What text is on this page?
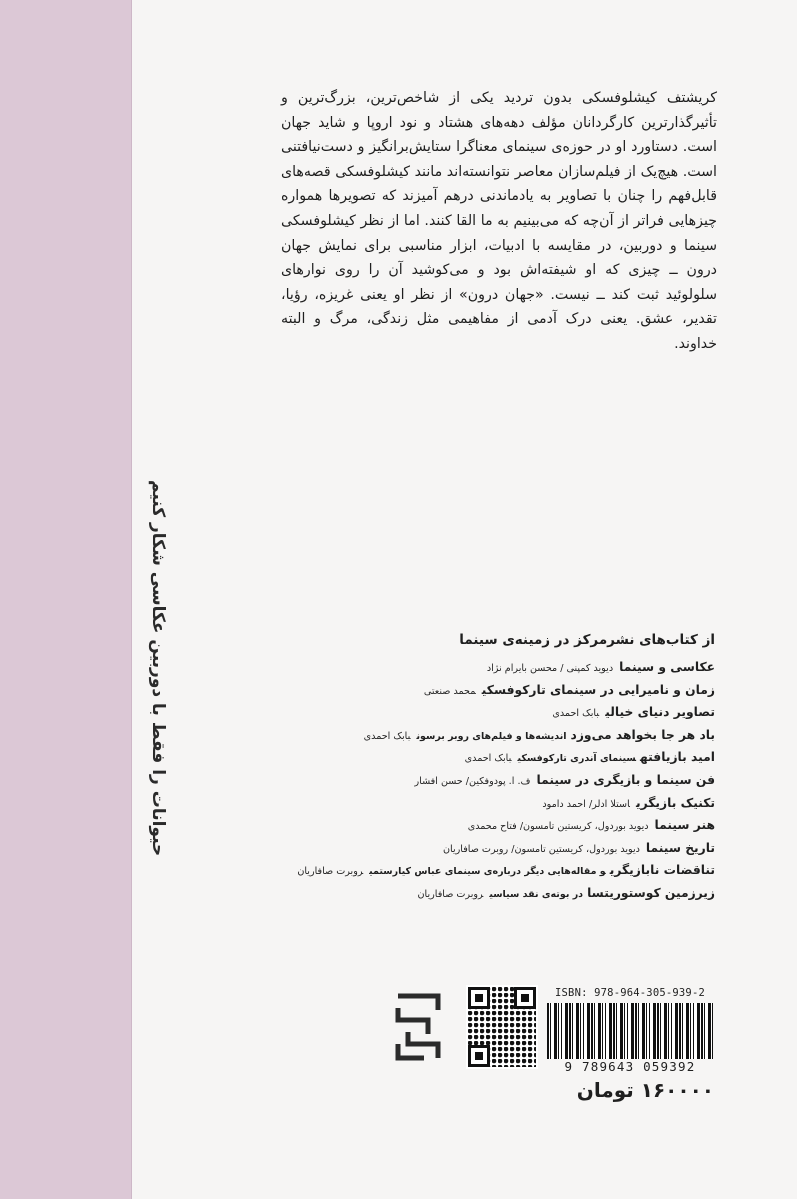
حیوانات را فقط با دوربین عکاسی شکار کنیم

کریشتف کیشلوفسکی بدون تردید یکی از شاخص‌ترین، بزرگ‌ترین و تأثیرگذارترین کارگردانان مؤلف دهه‌های هشتاد و نود اروپا و شاید جهان است. دستاورد او در حوزه‌ی سینمای معناگرا ستایش‌برانگیز و دست‌نیافتنی است. هیچ‌یک از فیلم‌سازان معاصر نتوانسته‌اند مانند کیشلوفسکی قصه‌های قابل‌فهم را چنان با تصاویر به یادماندنی درهم آمیزند که تصویرها همواره چیزهایی فراتر از آن‌چه که می‌بینیم به ما القا کنند. اما از نظر کیشلوفسکی سینما و دوربین، در مقایسه با ادبیات، ابزار مناسبی برای نمایش جهان درون ــ چیزی که او شیفته‌اش بود و می‌کوشید آن را روی نوارهای سلولوئید ثبت کند ــ نیست. «جهان درون» از نظر او یعنی غریزه، رؤیا، تقدیر، عشق. یعنی درک آدمی از مفاهیمی مثل زندگی، مرگ و البته خداوند.

از کتاب‌های نشرمرکز در زمینه‌ی سینما
عکاسی و سینمادیوید کمپنی / محسن بایرام نژاد
زمان و نامیرایی در سینمای تارکوفسکیمحمد صنعتی
تصاویر دنیای خیالیبابک احمدی
باد هر جا بخواهد می‌وزداندیشه‌ها و فیلم‌های روبر برسونبابک احمدی
امید بازیافتهسینمای آندری تارکوفسکیبابک احمدی
فن سینما و بازیگری در سینماف. ا. پودوفکین/ حسن افشار
تکنیک بازیگریاستلا ادلر/ احمد دامود
هنر سینمادیوید بوردول، کریستین تامسون/ فتاح محمدی
تاریخ سینمادیوید بوردول، کریستین تامسون/ روبرت صافاریان
تناقضات نابازیگریو مقاله‌هایی دیگر درباره‌ی سینمای عباس کیارستمیروبرت صافاریان
زیرزمین کوستوریتسادر بوته‌ی نقد سیاسیروبرت صافاریان
ISBN: 978-964-305-939-2
9 789643 059392
۱۶۰۰۰۰ تومان
